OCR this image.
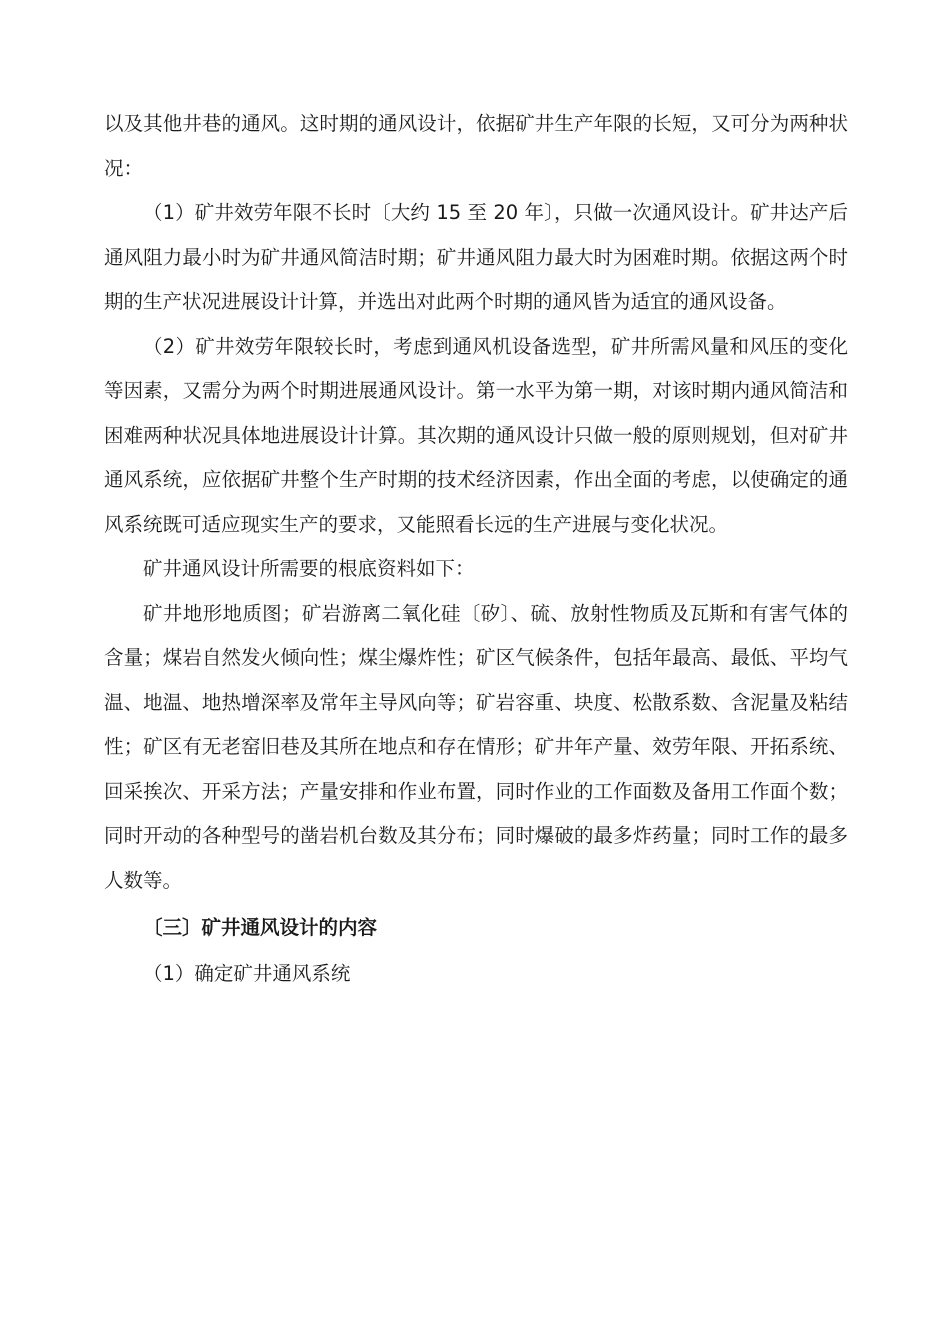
以及其他井巷的通风。这时期的通风设计，依据矿井生产年限的长短，又可分为两种状况：

（1）矿井效劳年限不长时〔大约 15 至 20 年〕，只做一次通风设计。矿井达产后通风阻力最小时为矿井通风简洁时期；矿井通风阻力最大时为困难时期。依据这两个时期的生产状况进展设计计算，并选出对此两个时期的通风皆为适宜的通风设备。

（2）矿井效劳年限较长时，考虑到通风机设备选型，矿井所需风量和风压的变化等因素，又需分为两个时期进展通风设计。第一水平为第一期，对该时期内通风简洁和困难两种状况具体地进展设计计算。其次期的通风设计只做一般的原则规划，但对矿井通风系统，应依据矿井整个生产时期的技术经济因素，作出全面的考虑，以使确定的通风系统既可适应现实生产的要求，又能照看长远的生产进展与变化状况。

矿井通风设计所需要的根底资料如下：

矿井地形地质图；矿岩游离二氧化硅〔矽〕、硫、放射性物质及瓦斯和有害气体的含量；煤岩自然发火倾向性；煤尘爆炸性；矿区气候条件，包括年最高、最低、平均气温、地温、地热增深率及常年主导风向等；矿岩容重、块度、松散系数、含泥量及粘结性；矿区有无老窑旧巷及其所在地点和存在情形；矿井年产量、效劳年限、开拓系统、回采挨次、开采方法；产量安排和作业布置，同时作业的工作面数及备用工作面个数；同时开动的各种型号的凿岩机台数及其分布；同时爆破的最多炸药量；同时工作的最多人数等。

〔三〕矿井通风设计的内容

（1）确定矿井通风系统
